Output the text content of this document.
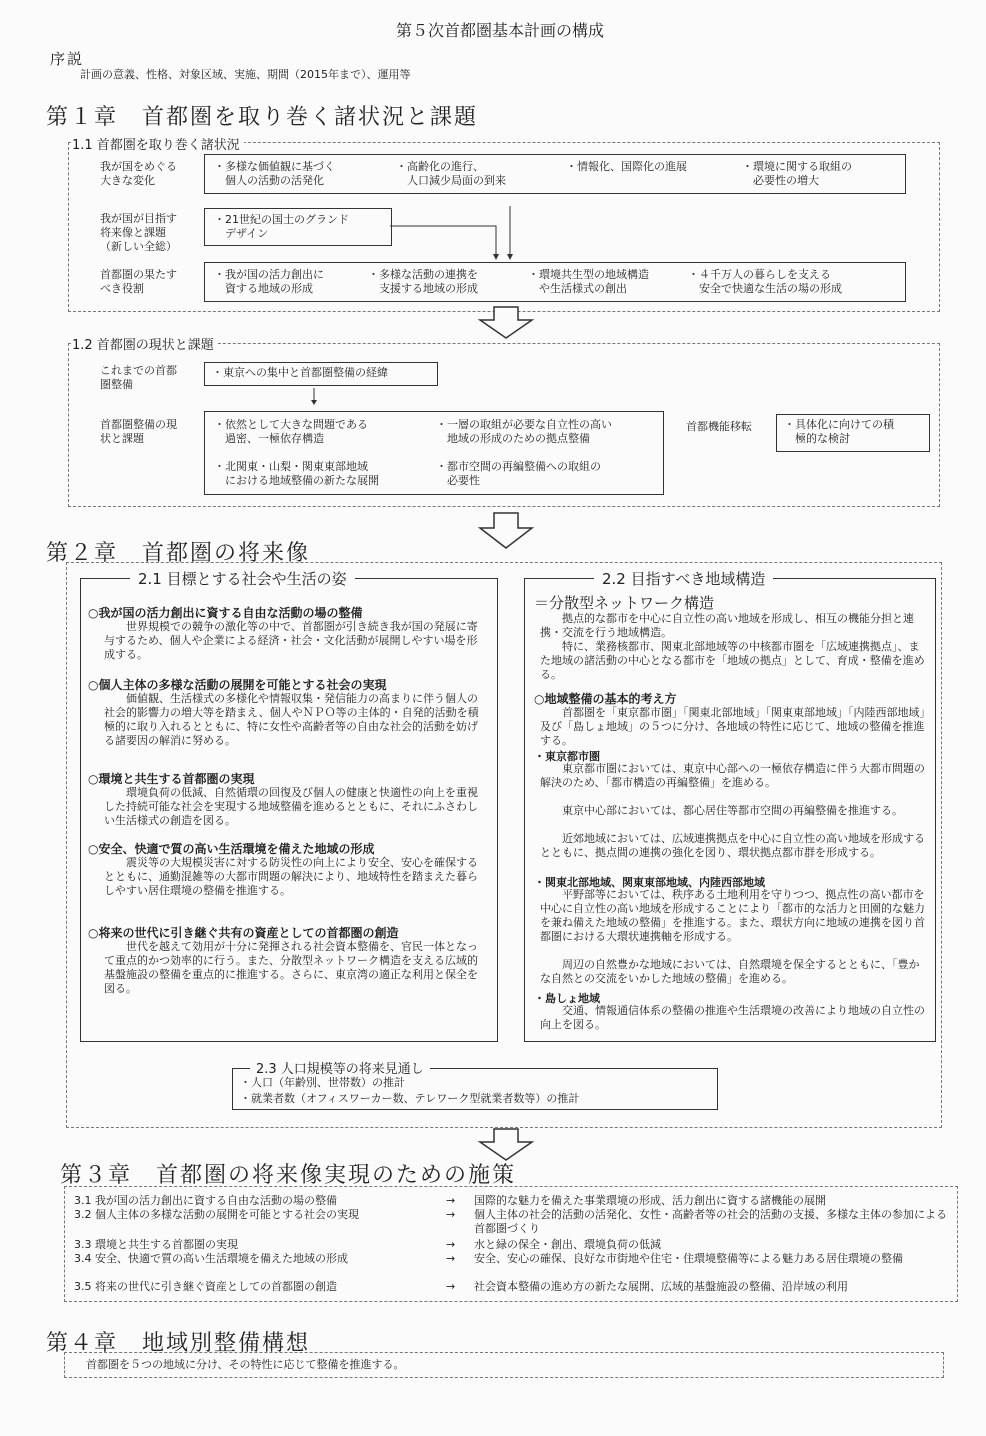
第５次首都圏基本計画の構成
序説
計画の意義、性格、対象区域、実施、期間（2015年まで）、運用等
第１章　首都圏を取り巻く諸状況と課題
1.1 首都圏を取り巻く諸状況
我が国をめぐる
大きな変化
・多様な価値観に基づく
　個人の活動の活発化
・高齢化の進行、
　人口減少局面の到来
・情報化、国際化の進展	・環境に関する取組の
　必要性の増大
我が国が目指す
将来像と課題
（新しい全総）
・21世紀の国土のグランド
　デザイン
首都圏の果たす
べき役割
・我が国の活力創出に
　資する地域の形成
・多様な活動の連携を
　支援する地域の形成
・環境共生型の地域構造
　や生活様式の創出
・４千万人の暮らしを支える
　安全で快適な生活の場の形成
1.2 首都圏の現状と課題
これまでの首都
圏整備
・東京への集中と首都圏整備の経緯
首都圏整備の現
状と課題
・依然として大きな問題である
　過密、一極依存構造
・一層の取組が必要な自立性の高い
　地域の形成のための拠点整備
・北関東・山梨・関東東部地域
　における地域整備の新たな展開
・都市空間の再編整備への取組の
　必要性
首都機能移転	・具体化に向けての積
　極的な検討
第２章　首都圏の将来像
2.1 目標とする社会や生活の姿
○我が国の活力創出に資する自由な活動の場の整備
世界規模での競争の激化等の中で、首都圏が引き続き我が国の発展に寄与するため、個人や企業による経済・社会・文化活動が展開しやすい場を形成する。
○個人主体の多様な活動の展開を可能とする社会の実現
価値観、生活様式の多様化や情報収集・発信能力の高まりに伴う個人の社会的影響力の増大等を踏まえ、個人やＮＰＯ等の主体的・自発的活動を積極的に取り入れるとともに、特に女性や高齢者等の自由な社会的活動を妨げる諸要因の解消に努める。
○環境と共生する首都圏の実現
環境負荷の低減、自然循環の回復及び個人の健康と快適性の向上を重視した持続可能な社会を実現する地域整備を進めるとともに、それにふさわしい生活様式の創造を図る。
○安全、快適で質の高い生活環境を備えた地域の形成
震災等の大規模災害に対する防災性の向上により安全、安心を確保するとともに、通勤混雑等の大都市問題の解決により、地域特性を踏まえた暮らしやすい居住環境の整備を推進する。
○将来の世代に引き継ぐ共有の資産としての首都圏の創造
世代を越えて効用が十分に発揮される社会資本整備を、官民一体となって重点的かつ効率的に行う。また、分散型ネットワーク構造を支える広域的基盤施設の整備を重点的に推進する。さらに、東京湾の適正な利用と保全を図る。
2.2 目指すべき地域構造
＝分散型ネットワーク構造
拠点的な都市を中心に自立性の高い地域を形成し、相互の機能分担と連携・交流を行う地域構造。
特に、業務核都市、関東北部地域等の中核都市圏を「広域連携拠点」、また地域の諸活動の中心となる都市を「地域の拠点」として、育成・整備を進める。
○地域整備の基本的考え方
首都圏を「東京都市圏」「関東北部地域」「関東東部地域」「内陸西部地域」及び「島しょ地域」の５つに分け、各地域の特性に応じて、地域の整備を推進する。
・東京都市圏
東京都市圏においては、東京中心部への一極依存構造に伴う大都市問題の解決のため、「都市構造の再編整備」を進める。
東京中心部においては、都心居住等都市空間の再編整備を推進する。
近郊地域においては、広域連携拠点を中心に自立性の高い地域を形成するとともに、拠点間の連携の強化を図り、環状拠点都市群を形成する。
・関東北部地域、関東東部地域、内陸西部地域
平野部等においては、秩序ある土地利用を守りつつ、拠点性の高い都市を中心に自立性の高い地域を形成することにより「都市的な活力と田園的な魅力を兼ね備えた地域の整備」を推進する。また、環状方向に地域の連携を図り首都圏における大環状連携軸を形成する。
周辺の自然豊かな地域においては、自然環境を保全するとともに、「豊かな自然との交流をいかした地域の整備」を進める。
・島しょ地域
交通、情報通信体系の整備の推進や生活環境の改善により地域の自立性の向上を図る。
2.3 人口規模等の将来見通し
・人口（年齢別、世帯数）の推計
・就業者数（オフィスワーカー数、テレワーク型就業者数等）の推計
第３章　首都圏の将来像実現のための施策
3.1 我が国の活力創出に資する自由な活動の場の整備	→ 国際的な魅力を備えた事業環境の形成、活力創出に資する諸機能の展開
3.2 個人主体の多様な活動の展開を可能とする社会の実現	→ 個人主体の社会的活動の活発化、女性・高齢者等の社会的活動の支援、多様な主体の参加による首都圏づくり
3.3 環境と共生する首都圏の実現	→ 水と緑の保全・創出、環境負荷の低減
3.4 安全、快適で質の高い生活環境を備えた地域の形成	→ 安全、安心の確保、良好な市街地や住宅・住環境整備等による魅力ある居住環境の整備
3.5 将来の世代に引き継ぐ資産としての首都圏の創造	→ 社会資本整備の進め方の新たな展開、広域的基盤施設の整備、沿岸域の利用
第４章　地域別整備構想
首都圏を５つの地域に分け、その特性に応じて整備を推進する。
